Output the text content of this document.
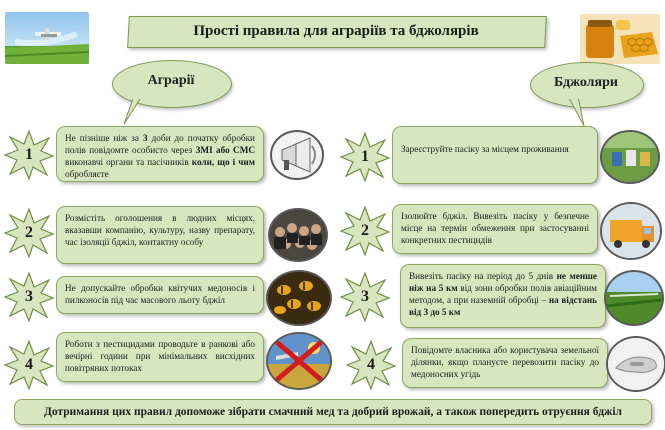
Прості правила для аграріїв та бджолярів
Аграрії	Бджоляри
1
Не пізніше ніж за 3 доби до початку обробки полів повідомте особисто через ЗМІ або СМС виконавчі органи та пасічників коли, що і чим обробляєте
2
Розмістіть оголошення в людних місцях, вказавши компанію, культуру, назву препарату, час ізоляції бджіл, контактну особу
3	Не допускайте обробки квітучих медоносів і пилконосів під час масового льоту бджіл
4
Роботи з пестицидами проводьте в ранкові або вечірні години при мінімальних висхідних повітряних потоках
1	Зареєструйте пасіку за місцем проживання
2
Ізолюйте бджіл. Вивезіть пасіку у безпечне місце на термін обмеження при застосуванні конкретних пестицидів
3
Вивезіть пасіку на період до 5 днів не менше ніж на 5 км від зони обробки полів авіаційним методом, а при наземній обробці – на відстань від 3 до 5 км
4
Повідомте власника або користувача земельної ділянки, якщо плануєте перевозити пасіку до медоносних угідь
Дотримання цих правил допоможе зібрати смачний мед та добрий врожай, а також попередить отруєння бджіл
